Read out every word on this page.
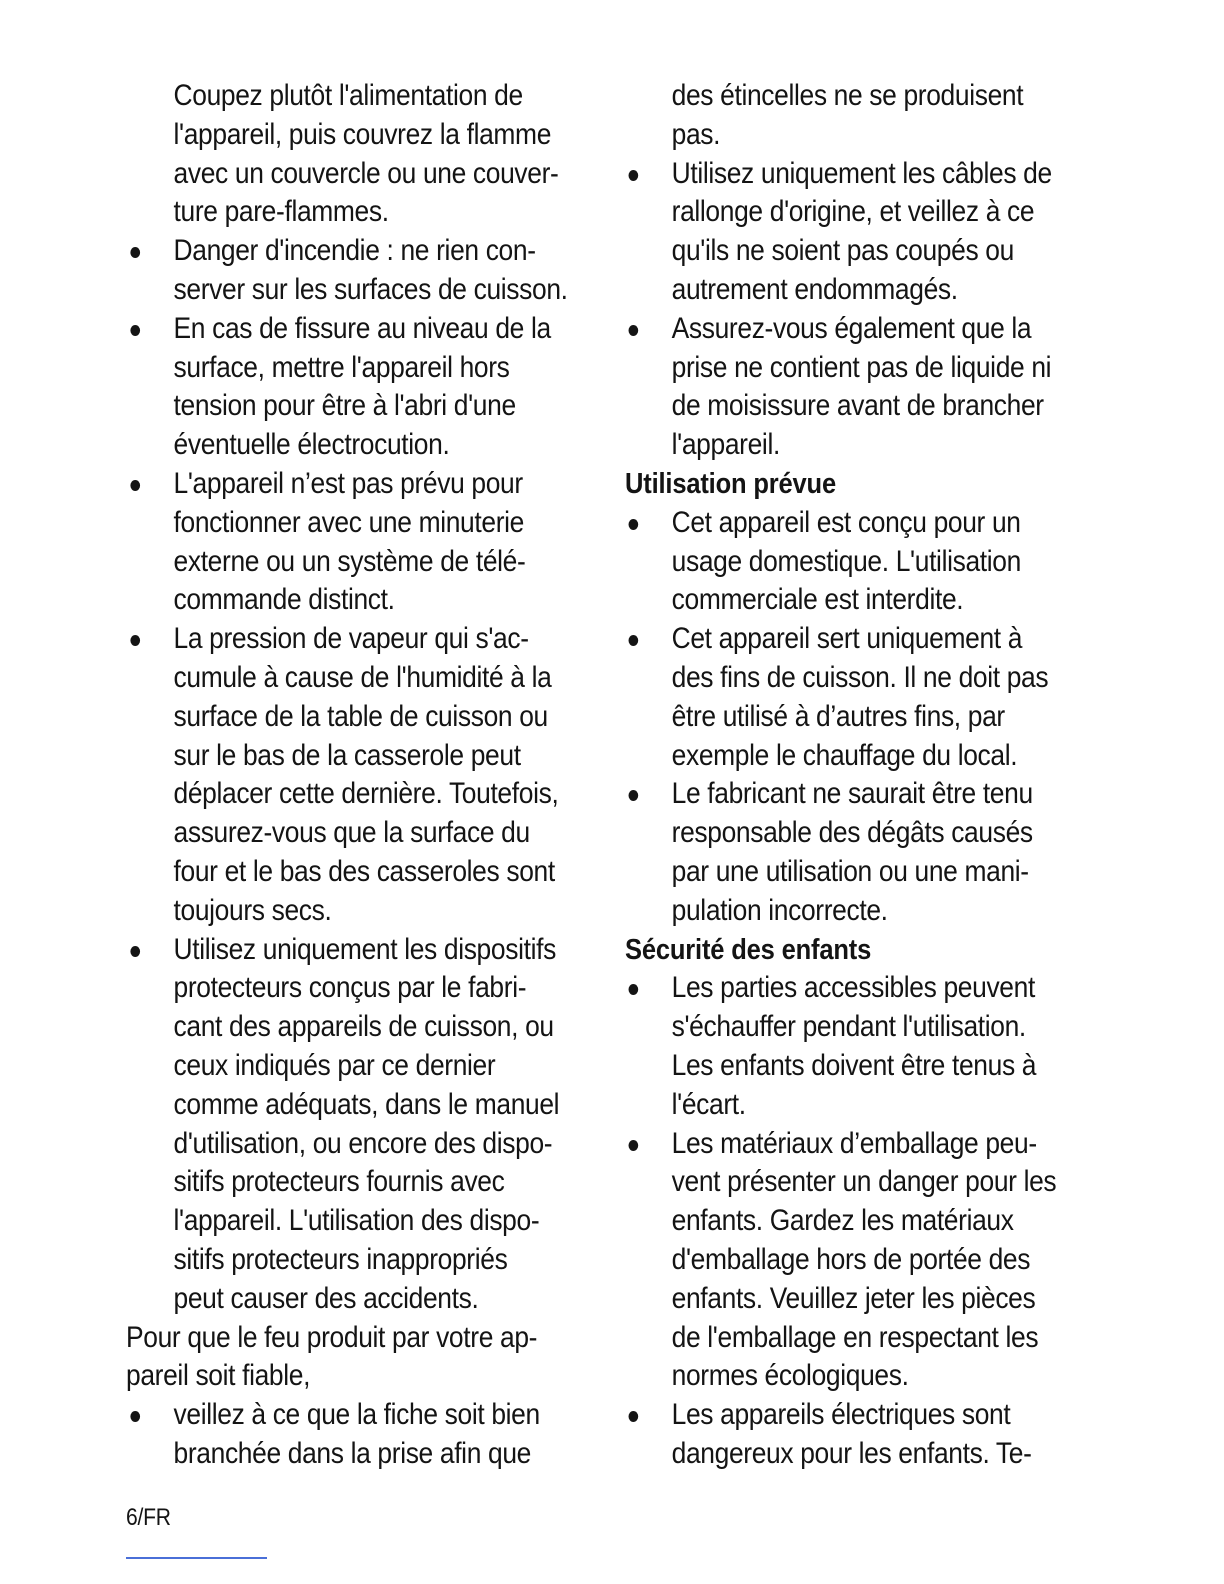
Coupez plutôt l'alimentation de
l'appareil, puis couvrez la flamme
avec un couvercle ou une couver-
ture pare-flammes.
Danger d'incendie : ne rien con-
server sur les surfaces de cuisson.
En cas de fissure au niveau de la
surface, mettre l'appareil hors
tension pour être à l'abri d'une
éventuelle électrocution.
L'appareil n’est pas prévu pour
fonctionner avec une minuterie
externe ou un système de télé-
commande distinct.
La pression de vapeur qui s'ac-
cumule à cause de l'humidité à la
surface de la table de cuisson ou
sur le bas de la casserole peut
déplacer cette dernière. Toutefois,
assurez-vous que la surface du
four et le bas des casseroles sont
toujours secs.
Utilisez uniquement les dispositifs
protecteurs conçus par le fabri-
cant des appareils de cuisson, ou
ceux indiqués par ce dernier
comme adéquats, dans le manuel
d'utilisation, ou encore des dispo-
sitifs protecteurs fournis avec
l'appareil. L'utilisation des dispo-
sitifs protecteurs inappropriés
peut causer des accidents.
Pour que le feu produit par votre ap-
pareil soit fiable,
veillez à ce que la fiche soit bien
branchée dans la prise afin que
des étincelles ne se produisent
pas.
Utilisez uniquement les câbles de
rallonge d'origine, et veillez à ce
qu'ils ne soient pas coupés ou
autrement endommagés.
Assurez-vous également que la
prise ne contient pas de liquide ni
de moisissure avant de brancher
l'appareil.
Utilisation prévue
Cet appareil est conçu pour un
usage domestique. L'utilisation
commerciale est interdite.
Cet appareil sert uniquement à
des fins de cuisson. Il ne doit pas
être utilisé à d’autres fins, par
exemple le chauffage du local.
Le fabricant ne saurait être tenu
responsable des dégâts causés
par une utilisation ou une mani-
pulation incorrecte.
Sécurité des enfants
Les parties accessibles peuvent
s'échauffer pendant l'utilisation.
Les enfants doivent être tenus à
l'écart.
Les matériaux d’emballage peu-
vent présenter un danger pour les
enfants. Gardez les matériaux
d'emballage hors de portée des
enfants. Veuillez jeter les pièces
de l'emballage en respectant les
normes écologiques.
Les appareils électriques sont
dangereux pour les enfants. Te-
6/FR
